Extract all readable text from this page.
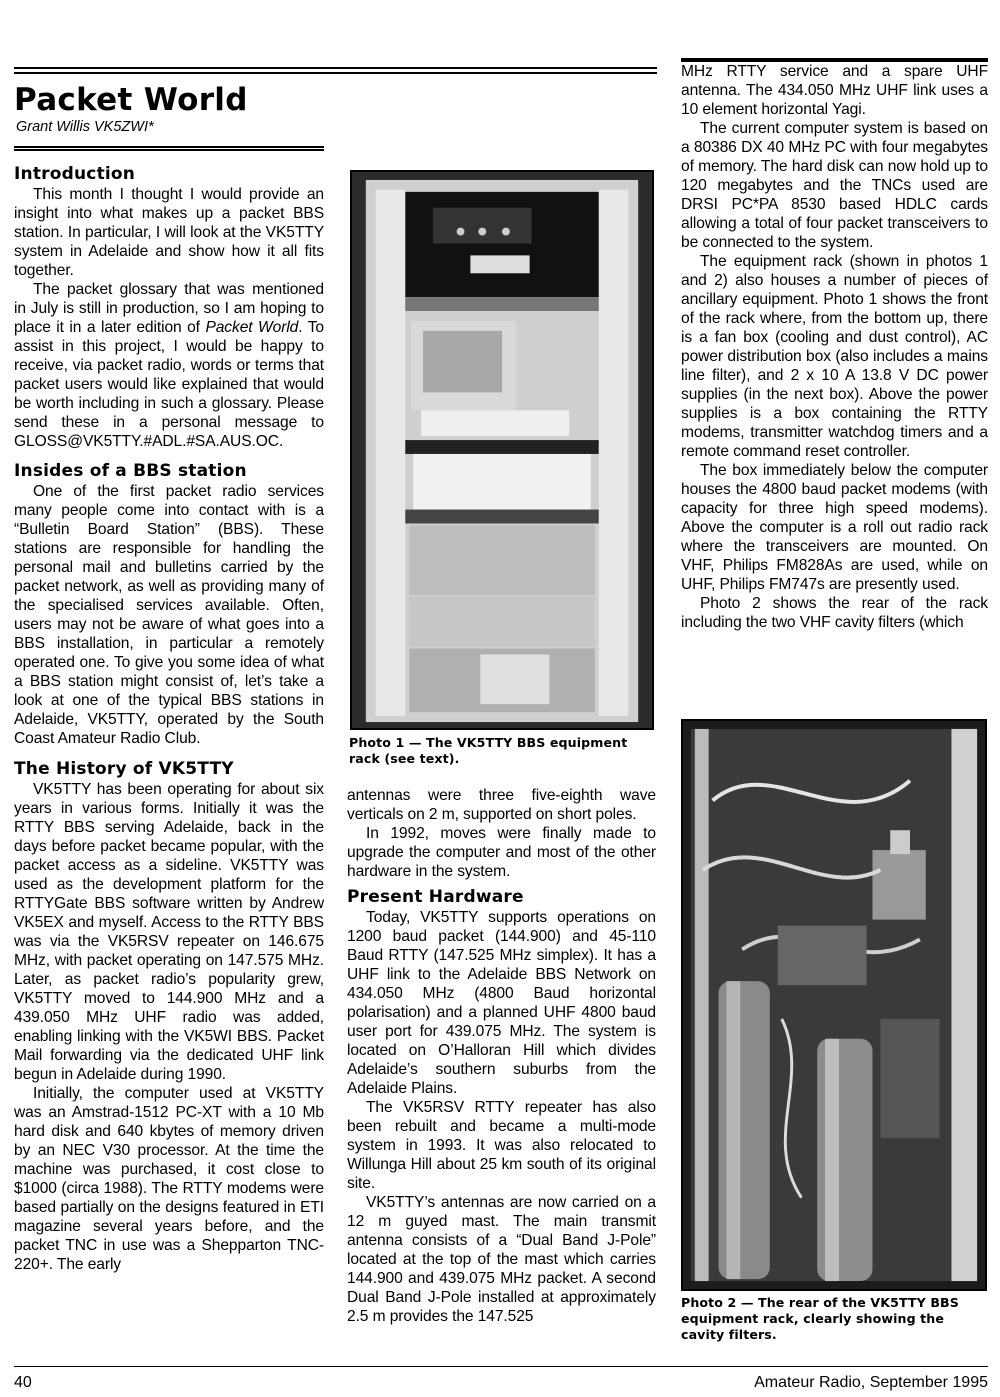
Packet World
Grant Willis VK5ZWI*
Introduction

This month I thought I would provide an insight into what makes up a packet BBS station. In particular, I will look at the VK5TTY system in Adelaide and show how it all fits together.

The packet glossary that was mentioned in July is still in production, so I am hoping to place it in a later edition of Packet World. To assist in this project, I would be happy to receive, via packet radio, words or terms that packet users would like explained that would be worth including in such a glossary. Please send these in a personal message to GLOSS@VK5TTY.#ADL.#SA.AUS.OC.

Insides of a BBS station

One of the first packet radio services many people come into contact with is a “Bulletin Board Station” (BBS). These stations are responsible for handling the personal mail and bulletins carried by the packet network, as well as providing many of the specialised services available. Often, users may not be aware of what goes into a BBS installation, in particular a remotely operated one. To give you some idea of what a BBS station might consist of, let’s take a look at one of the typical BBS stations in Adelaide, VK5TTY, operated by the South Coast Amateur Radio Club.

The History of VK5TTY

VK5TTY has been operating for about six years in various forms. Initially it was the RTTY BBS serving Adelaide, back in the days before packet became popular, with the packet access as a sideline. VK5TTY was used as the development platform for the RTTYGate BBS software written by Andrew VK5EX and myself. Access to the RTTY BBS was via the VK5RSV repeater on 146.675 MHz, with packet operating on 147.575 MHz. Later, as packet radio’s popularity grew, VK5TTY moved to 144.900 MHz and a 439.050 MHz UHF radio was added, enabling linking with the VK5WI BBS. Packet Mail forwarding via the dedicated UHF link begun in Adelaide during 1990.

Initially, the computer used at VK5TTY was an Amstrad-1512 PC-XT with a 10 Mb hard disk and 640 kbytes of memory driven by an NEC V30 processor. At the time the machine was purchased, it cost close to $1000 (circa 1988). The RTTY modems were based partially on the designs featured in ETI magazine several years before, and the packet TNC in use was a Shepparton TNC-220+. The early

Photo 1 — The VK5TTY BBS equipment rack (see text).

antennas were three five-eighth wave verticals on 2 m, supported on short poles.

In 1992, moves were finally made to upgrade the computer and most of the other hardware in the system.

Present Hardware

Today, VK5TTY supports operations on 1200 baud packet (144.900) and 45-110 Baud RTTY (147.525 MHz simplex). It has a UHF link to the Adelaide BBS Network on 434.050 MHz (4800 Baud horizontal polarisation) and a planned UHF 4800 baud user port for 439.075 MHz. The system is located on O’Halloran Hill which divides Adelaide’s southern suburbs from the Adelaide Plains.

The VK5RSV RTTY repeater has also been rebuilt and became a multi-mode system in 1993. It was also relocated to Willunga Hill about 25 km south of its original site.

VK5TTY’s antennas are now carried on a 12 m guyed mast. The main transmit antenna consists of a “Dual Band J-Pole” located at the top of the mast which carries 144.900 and 439.075 MHz packet. A second Dual Band J-Pole installed at approximately 2.5 m provides the 147.525

MHz RTTY service and a spare UHF antenna. The 434.050 MHz UHF link uses a 10 element horizontal Yagi.

The current computer system is based on a 80386 DX 40 MHz PC with four megabytes of memory. The hard disk can now hold up to 120 megabytes and the TNCs used are DRSI PC*PA 8530 based HDLC cards allowing a total of four packet transceivers to be connected to the system.

The equipment rack (shown in photos 1 and 2) also houses a number of pieces of ancillary equipment. Photo 1 shows the front of the rack where, from the bottom up, there is a fan box (cooling and dust control), AC power distribution box (also includes a mains line filter), and 2 x 10 A 13.8 V DC power supplies (in the next box). Above the power supplies is a box containing the RTTY modems, transmitter watchdog timers and a remote command reset controller.

The box immediately below the computer houses the 4800 baud packet modems (with capacity for three high speed modems). Above the computer is a roll out radio rack where the transceivers are mounted. On VHF, Philips FM828As are used, while on UHF, Philips FM747s are presently used.

Photo 2 shows the rear of the rack including the two VHF cavity filters (which

Photo 2 — The rear of the VK5TTY BBS equipment rack, clearly showing the cavity filters.
40	Amateur Radio, September 1995
